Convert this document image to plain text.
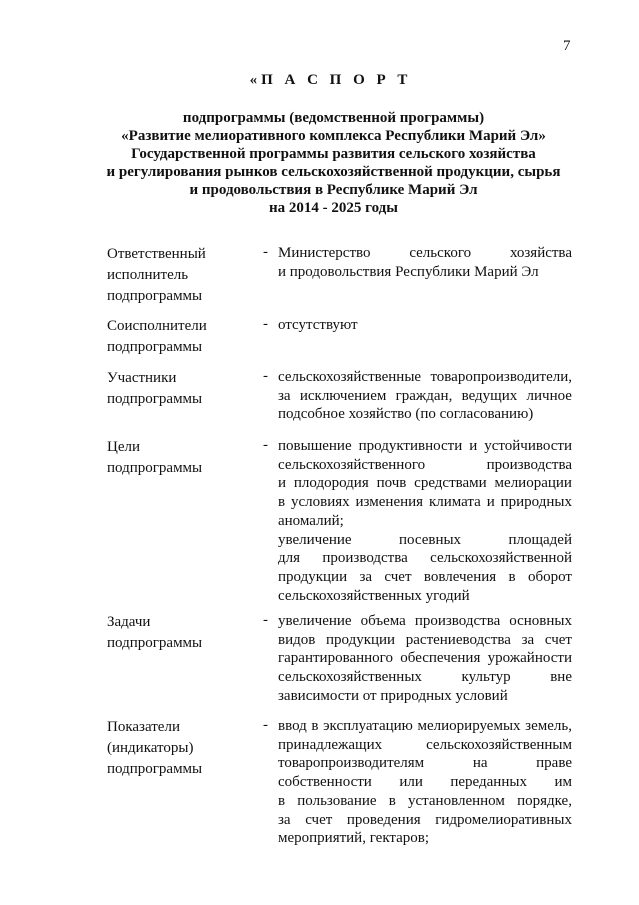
7
«П А С П О Р Т
подпрограммы (ведомственной программы)
«Развитие мелиоративного комплекса Республики Марий Эл»
Государственной программы развития сельского хозяйства
и регулирования рынков сельскохозяйственной продукции, сырья
и продовольствия в Республике Марий Эл
на 2014 - 2025 годы
Ответственный
исполнитель
подпрограммы
- Министерство	сельского	хозяйства
и продовольствия Республики Марий Эл
Соисполнители
подпрограммы
- отсутствуют
Участники
подпрограммы
- сельскохозяйственные товаропроизводители,
за исключением граждан, ведущих личное
подсобное хозяйство (по согласованию)
Цели
подпрограммы
- повышение продуктивности и устойчивости
сельскохозяйственного	производства
и плодородия почв средствами мелиорации
в условиях изменения климата и природных
аномалий;
увеличение	посевных	площадей
для производства сельскохозяйственной
продукции за счет вовлечения в оборот
сельскохозяйственных угодий
Задачи
подпрограммы
- увеличение объема производства основных
видов продукции растениеводства за счет
гарантированного обеспечения урожайности
сельскохозяйственных	культур	вне
зависимости от природных условий
Показатели
(индикаторы)
подпрограммы
- ввод в эксплуатацию мелиорируемых земель,
принадлежащих	сельскохозяйственным
товаропроизводителям	на	праве
собственности или переданных им
в пользование в установленном порядке,
за счет проведения гидромелиоративных
мероприятий, гектаров;
